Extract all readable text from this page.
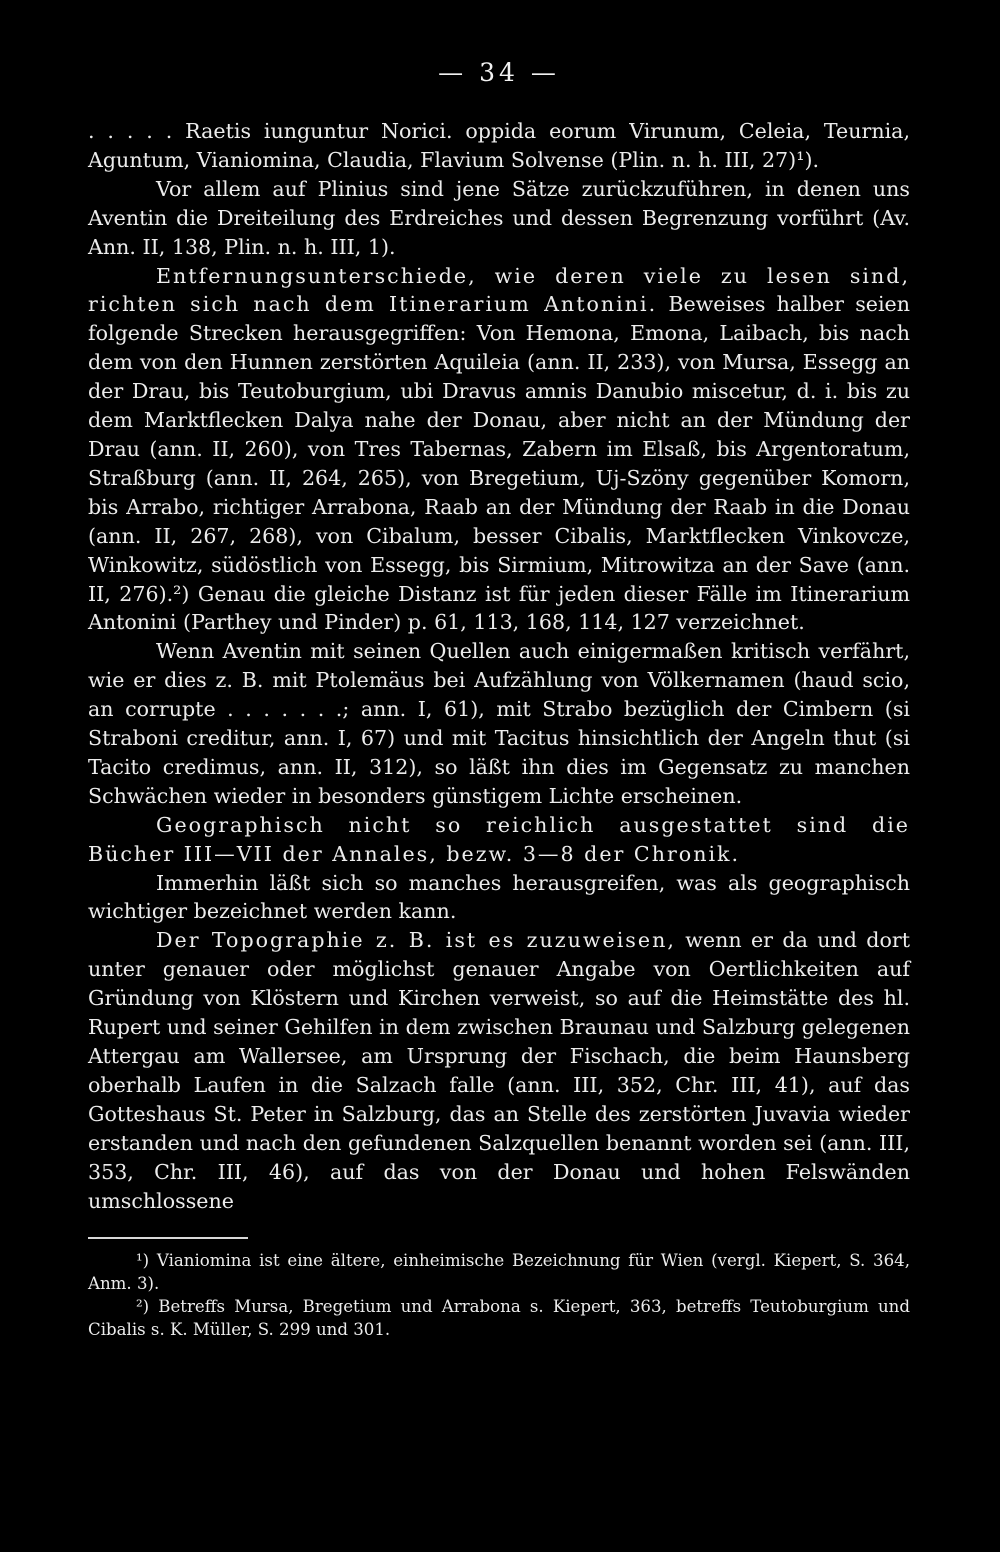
— 34 —

. . . . . Raetis iunguntur Norici. oppida eorum Virunum, Celeia, Teurnia, Aguntum, Vianiomina, Claudia, Flavium Solvense (Plin. n. h. III, 27)¹).

Vor allem auf Plinius sind jene Sätze zurückzuführen, in denen uns Aventin die Dreiteilung des Erdreiches und dessen Begrenzung vorführt (Av. Ann. II, 138, Plin. n. h. III, 1).

Entfernungsunterschiede, wie deren viele zu lesen sind, richten sich nach dem Itinerarium Antonini. Beweises halber seien folgende Strecken herausgegriffen: Von Hemona, Emona, Laibach, bis nach dem von den Hunnen zerstörten Aquileia (ann. II, 233), von Mursa, Essegg an der Drau, bis Teutoburgium, ubi Dravus amnis Danubio miscetur, d. i. bis zu dem Marktflecken Dalya nahe der Donau, aber nicht an der Mündung der Drau (ann. II, 260), von Tres Tabernas, Zabern im Elsaß, bis Argentoratum, Straßburg (ann. II, 264, 265), von Bregetium, Uj-Szöny gegenüber Komorn, bis Arrabo, richtiger Arrabona, Raab an der Mündung der Raab in die Donau (ann. II, 267, 268), von Cibalum, besser Cibalis, Marktflecken Vinkovcze, Winkowitz, südöstlich von Essegg, bis Sirmium, Mitrowitza an der Save (ann. II, 276).²) Genau die gleiche Distanz ist für jeden dieser Fälle im Itinerarium Antonini (Parthey und Pinder) p. 61, 113, 168, 114, 127 verzeichnet.

Wenn Aventin mit seinen Quellen auch einigermaßen kritisch verfährt, wie er dies z. B. mit Ptolemäus bei Aufzählung von Völkernamen (haud scio, an corrupte . . . . . . .; ann. I, 61), mit Strabo bezüglich der Cimbern (si Straboni creditur, ann. I, 67) und mit Tacitus hinsichtlich der Angeln thut (si Tacito credimus, ann. II, 312), so läßt ihn dies im Gegensatz zu manchen Schwächen wieder in besonders günstigem Lichte erscheinen.

Geographisch nicht so reichlich ausgestattet sind die Bücher III—VII der Annales, bezw. 3—8 der Chronik.

Immerhin läßt sich so manches herausgreifen, was als geographisch wichtiger bezeichnet werden kann.

Der Topographie z. B. ist es zuzuweisen, wenn er da und dort unter genauer oder möglichst genauer Angabe von Oertlichkeiten auf Gründung von Klöstern und Kirchen verweist, so auf die Heimstätte des hl. Rupert und seiner Gehilfen in dem zwischen Braunau und Salzburg gelegenen Attergau am Wallersee, am Ursprung der Fischach, die beim Haunsberg oberhalb Laufen in die Salzach falle (ann. III, 352, Chr. III, 41), auf das Gotteshaus St. Peter in Salzburg, das an Stelle des zerstörten Juvavia wieder erstanden und nach den gefundenen Salzquellen benannt worden sei (ann. III, 353, Chr. III, 46), auf das von der Donau und hohen Felswänden umschlossene

¹) Vianiomina ist eine ältere, einheimische Bezeichnung für Wien (vergl. Kiepert, S. 364, Anm. 3).

²) Betreffs Mursa, Bregetium und Arrabona s. Kiepert, 363, betreffs Teutoburgium und Cibalis s. K. Müller, S. 299 und 301.
